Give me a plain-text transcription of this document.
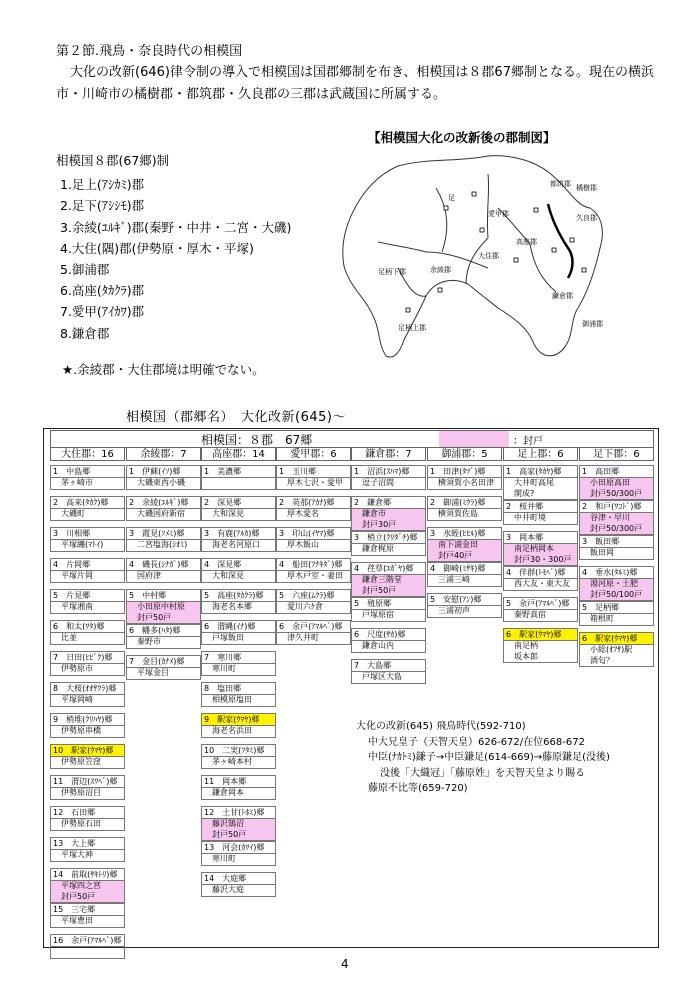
第２節.飛鳥・奈良時代の相模国
大化の改新(646)律令制の導入で相模国は国郡郷制を布き、相模国は８郡67郷制となる。現在の横浜市・川崎市の橘樹郡・都筑郡・久良郡の三郡は武蔵国に所属する。
【相模国大化の改新後の郡制図】
相模国８郡(67郷)制
1.足上(ｱｼｶﾐ)郡
2.足下(ｱｼｼﾓ)郡
3.余綾(ﾕﾙｷﾞ)郡(秦野・中井・二宮・大磯)
4.大住(隅)郡(伊勢原・厚木・平塚)
5.御浦郡
6.高座(ﾀｶｸﾗ)郡
7.愛甲(ｱｲｶﾜ)郡
8.鎌倉郡
★.余綾郡・大住郡境は明確でない。
足
都筑郡 橘樹郡
久良郡
愛甲郡
高座郡
鎌倉郡
大住郡
余綾郡
足柄下郡
足柄上郡	御浦郡
相模国（郡郷名）　大化改新(645)～
相模国：８郡　67郷	：封戸
大住郡：16
1　中島郷
茅ヶ崎市
2　高来(ﾀｶｸ)郷
大磯町
3　川相郷
平塚纏(ﾏﾄｲ)
4　片岡郷
平塚片岡
5　片見郷
平塚湘南
6　和太(ﾜﾀ)郷
比並
7　日田(ﾋﾋﾞｸ)郷
伊勢原市
8　大桜(ｵｵｻｸﾗ)郷
平塚岡崎
9　梢堆(ｸﾘﾊﾔ)郷
伊勢原串橋
10　駅家(ｳﾏﾔ)郷
伊勢原笠窪
11　渭辺(ｽﾜﾍﾞ)郷
伊勢原沼目
12　石田郷
伊勢原石田
13　大上郷
平塚大神
14　前取(ｻｷﾄﾘ)郷
平塚四之宮
封戸50戸
15　三宅郷
平塚豊田
16　余戸(ｱﾏﾙﾍﾞ)郷
余綾郡：7
1　伊蘇(ｲｿ)郷
大磯東西小磯
2　余綾(ﾕﾙｷﾞ)郷
大磯国府新宿
3　霞見(ｿﾒﾐ)郷
二宮塩海(ｼｵﾐ)
4　磯長(ｼﾅｶﾞ)郷
国府津
5　中村郷
小田原中村原
封戸50戸
6　幡多(ﾊﾀ)郷
秦野市
7　金目(ｶﾅﾒ)郷
平塚金目
高座郡：14
1　美濃郷
2　深見郷
大和深見
3　有鹿(ｱﾙｶ)郷
海老名河原口
4　深見郷
大和深見
5　高座(ﾀｶｸﾗ)郷
海老名本郷
6　渭縄(ｲﾅ)郷
戸塚飯田
7　寒川郷
寒川町
8　塩田郷
相模原塩田
9　駅家(ｳﾏﾔ)郷
海老名浜田
10　二実(ﾌﾀﾐ)郷
茅ヶ崎本村
11　岡本郷
鎌倉岡本
12　土甘(ﾄﾎﾐ)郷
藤沢鵠沼
封戸50戸
13　河会(ｶﾜｲ)郷
寒川町
14　大庭郷
藤沢大庭
愛甲郡：6
1　玉川郷
厚木七沢・愛甲
2　英那(ｱｶﾅ)郷
厚木愛名
3　印山(ｲﾔﾏ)郷
厚木飯山
4　船田(ﾌﾅｷﾀﾞ)郷
厚木戸室・妻田
5　六座(ﾑｸﾗ)郷
愛川六ｹ倉
6　余戸(ｱﾏﾙﾍﾞ)郷
津久井町
鎌倉郡：7
1　沼浜(ｽﾊﾏ)郷
逗子沼間
2　鎌倉郷
鎌倉市
封戸30戸
3　梢立(ｸﾘﾀﾞﾁ)郷
鎌倉梶原
4　荏草(ｴｶﾞﾔ)郷
鎌倉三階堂
封戸50戸
5　殖原郷
戸塚原宿
6　尺度(ｻｶ)郷
鎌倉山内
7　大島郷
戸塚区大島
御浦郡：5
1　田津(ﾀﾂﾞ)郷
横須賀小名田津
2　御浦(ﾐｳﾗ)郷
横須賀佐島
3　氷蛭(ﾋﾋﾙ)郷
南下浦金田
封戸40戸
4　御崎(ﾐｻｷ)郷
三浦三崎
5　安慰(ｱﾝ)郷
三浦初声
足上郡：6
1　高家(ﾀｶﾔ)郷
大井町高尾
開成?
2　桜井郷
中井町境
3　岡本郷
南足柄岡本
封戸30・300戸
4　伴群(ﾄﾓﾍﾞ)郷
西大友・東大友
5　余戸(ｱﾏﾙﾍﾞ)郷
秦野真宿
6　駅家(ｳﾏﾔ)郷
南足柄
坂本郎
足下郡：6
1　高田郷
小田原高田
封戸50/300戸
2　和戸(ﾜｺﾄﾞ)郷
谷津・早川
封戸50/300戸
3　飯田郷
飯田岡
4　垂水(ﾀﾙﾐ)郷
湯河原・土肥
封戸50/100戸
5　足柄郷
箱根町
6　駅家(ｳﾏﾔ)郷
小総(ｵﾌｻ)駅
酒匂？
大化の改新(645) 飛鳥時代(592-710)
中大兄皇子（天智天皇）626-672/在位668-672
中臣(ﾅｶﾄﾐ)鎌子→中臣鎌足(614-669)→藤原鎌足(没後)
没後「大織冠」「藤原姓」を天智天皇より賜る
藤原不比等(659-720)
4
